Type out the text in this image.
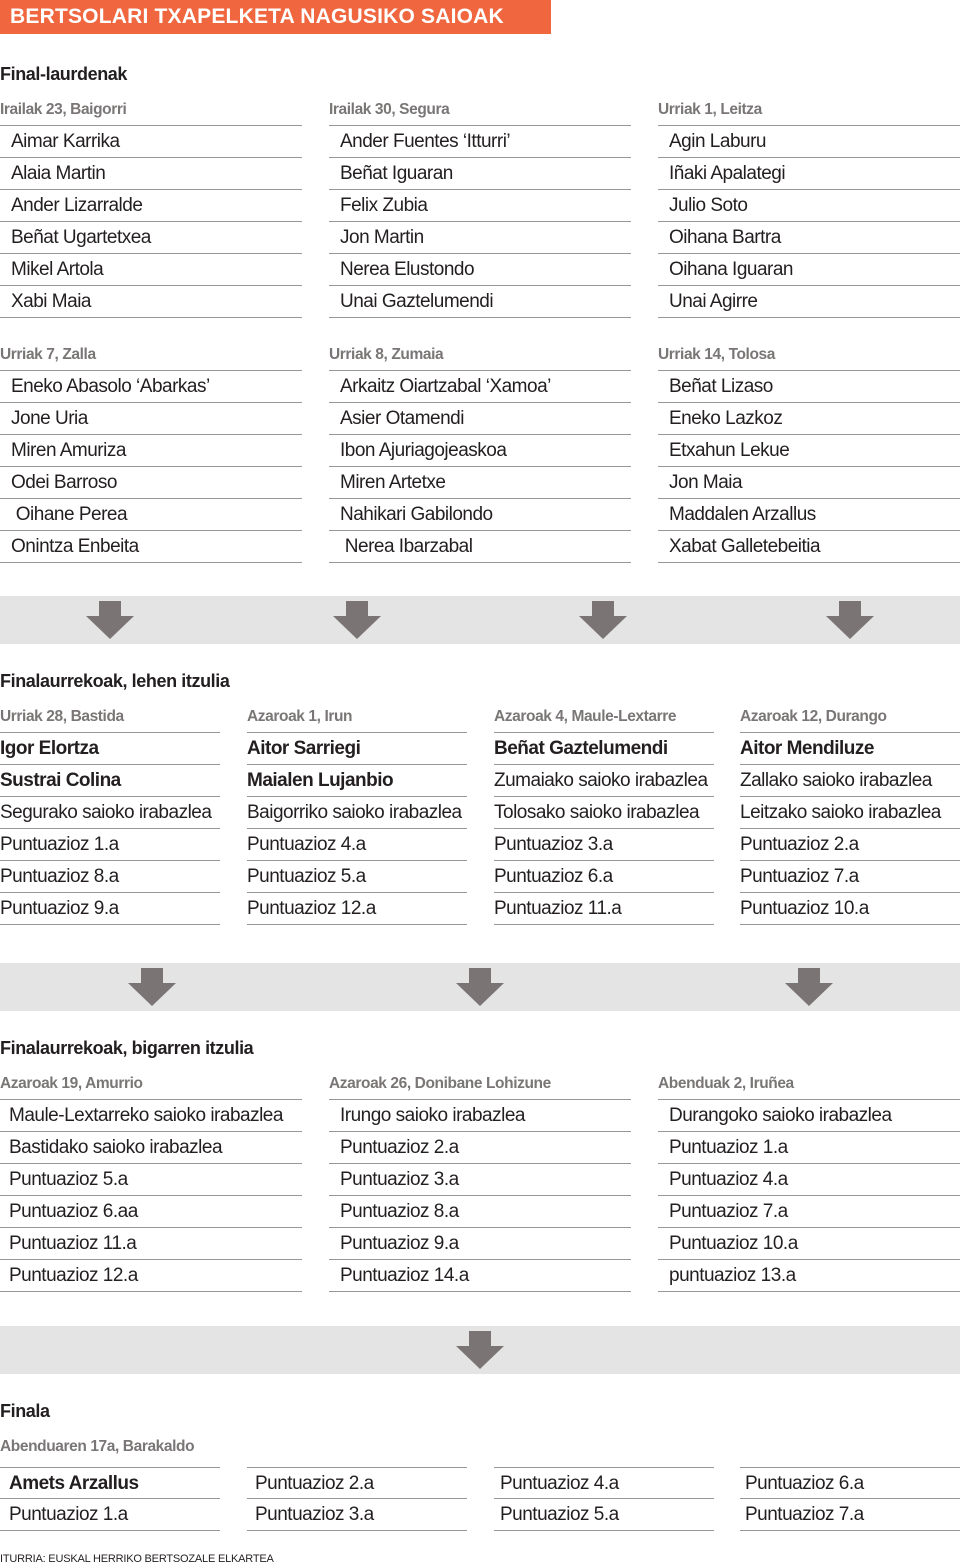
BERTSOLARI TXAPELKETA NAGUSIKO SAIOAK
Final-laurdenak
Irailak 23, Baigorri
Aimar Karrika
Alaia Martin
Ander Lizarralde
Beñat Ugartetxea
Mikel Artola
Xabi Maia
Irailak 30, Segura
Ander Fuentes ‘Itturri’
Beñat Iguaran
Felix Zubia
Jon Martin
Nerea Elustondo
Unai Gaztelumendi
Urriak 1, Leitza
Agin Laburu
Iñaki Apalategi
Julio Soto
Oihana Bartra
Oihana Iguaran
Unai Agirre
Urriak 7, Zalla
Eneko Abasolo ‘Abarkas’
Jone Uria
Miren Amuriza
Odei Barroso
Oihane Perea
Onintza Enbeita
Urriak 8, Zumaia
Arkaitz Oiartzabal ‘Xamoa’
Asier Otamendi
Ibon Ajuriagojeaskoa
Miren Artetxe
Nahikari Gabilondo
Nerea Ibarzabal
Urriak 14, Tolosa
Beñat Lizaso
Eneko Lazkoz
Etxahun Lekue
Jon Maia
Maddalen Arzallus
Xabat Galletebeitia
Finalaurrekoak, lehen itzulia
Urriak 28, Bastida
Igor Elortza
Sustrai Colina
Segurako saioko irabazlea
Puntuazioz 1.a
Puntuazioz 8.a
Puntuazioz 9.a
Azaroak 1, Irun
Aitor Sarriegi
Maialen Lujanbio
Baigorriko saioko irabazlea
Puntuazioz 4.a
Puntuazioz 5.a
Puntuazioz 12.a
Azaroak 4, Maule-Lextarre
Beñat Gaztelumendi
Zumaiako saioko irabazlea
Tolosako saioko irabazlea
Puntuazioz 3.a
Puntuazioz 6.a
Puntuazioz 11.a
Azaroak 12, Durango
Aitor Mendiluze
Zallako saioko irabazlea
Leitzako saioko irabazlea
Puntuazioz 2.a
Puntuazioz 7.a
Puntuazioz 10.a
Finalaurrekoak, bigarren itzulia
Azaroak 19, Amurrio
Maule-Lextarreko saioko irabazlea
Bastidako saioko irabazlea
Puntuazioz 5.a
Puntuazioz 6.aa
Puntuazioz 11.a
Puntuazioz 12.a
Azaroak 26, Donibane Lohizune
Irungo saioko irabazlea
Puntuazioz 2.a
Puntuazioz 3.a
Puntuazioz 8.a
Puntuazioz 9.a
Puntuazioz 14.a
Abenduak 2, Iruñea
Durangoko saioko irabazlea
Puntuazioz 1.a
Puntuazioz 4.a
Puntuazioz 7.a
Puntuazioz 10.a
puntuazioz 13.a
Finala
Abenduaren 17a, Barakaldo
Amets Arzallus
Puntuazioz 1.a
Puntuazioz 2.a
Puntuazioz 3.a
Puntuazioz 4.a
Puntuazioz 5.a
Puntuazioz 6.a
Puntuazioz 7.a
ITURRIA: EUSKAL HERRIKO BERTSOZALE ELKARTEA
